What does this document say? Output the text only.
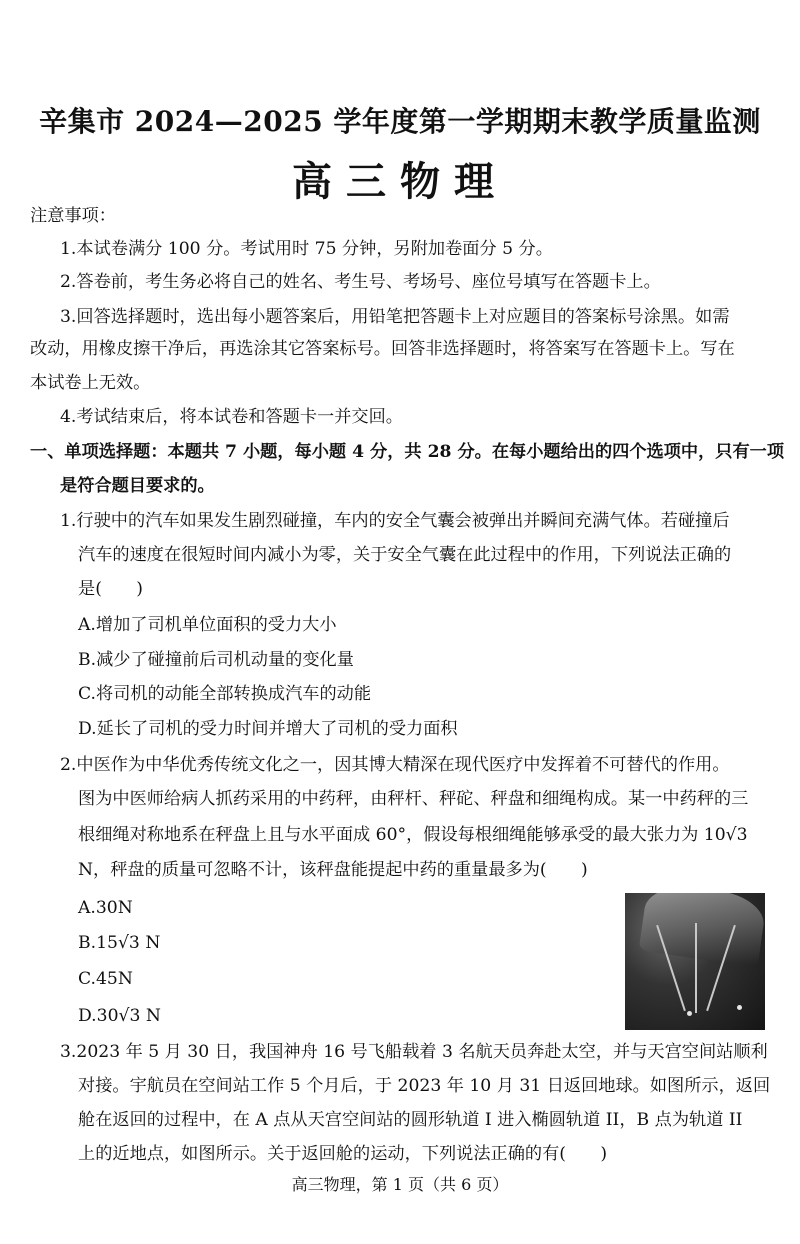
辛集市 2024—2025 学年度第一学期期末教学质量监测
高三物理
注意事项：
1.本试卷满分 100 分。考试用时 75 分钟，另附加卷面分 5 分。
2.答卷前，考生务必将自己的姓名、考生号、考场号、座位号填写在答题卡上。
3.回答选择题时，选出每小题答案后，用铅笔把答题卡上对应题目的答案标号涂黑。如需
改动，用橡皮擦干净后，再选涂其它答案标号。回答非选择题时，将答案写在答题卡上。写在
本试卷上无效。
4.考试结束后，将本试卷和答题卡一并交回。
一、单项选择题：本题共 7 小题，每小题 4 分，共 28 分。在每小题给出的四个选项中，只有一项
是符合题目要求的。
1.行驶中的汽车如果发生剧烈碰撞，车内的安全气囊会被弹出并瞬间充满气体。若碰撞后
汽车的速度在很短时间内减小为零，关于安全气囊在此过程中的作用，下列说法正确的
是(　　)
A.增加了司机单位面积的受力大小
B.减少了碰撞前后司机动量的变化量
C.将司机的动能全部转换成汽车的动能
D.延长了司机的受力时间并增大了司机的受力面积
2.中医作为中华优秀传统文化之一，因其博大精深在现代医疗中发挥着不可替代的作用。
图为中医师给病人抓药采用的中药秤，由秤杆、秤砣、秤盘和细绳构成。某一中药秤的三
根细绳对称地系在秤盘上且与水平面成 60°，假设每根细绳能够承受的最大张力为 10√3
N，秤盘的质量可忽略不计，该秤盘能提起中药的重量最多为(　　)
A.30N
B.15√3 N
C.45N
D.30√3 N
3.2023 年 5 月 30 日，我国神舟 16 号飞船载着 3 名航天员奔赴太空，并与天宫空间站顺利
对接。宇航员在空间站工作 5 个月后，于 2023 年 10 月 31 日返回地球。如图所示，返回
舱在返回的过程中，在 A 点从天宫空间站的圆形轨道 I 进入椭圆轨道 II，B 点为轨道 II
上的近地点，如图所示。关于返回舱的运动，下列说法正确的有(　　)
高三物理，第 1 页（共 6 页）
